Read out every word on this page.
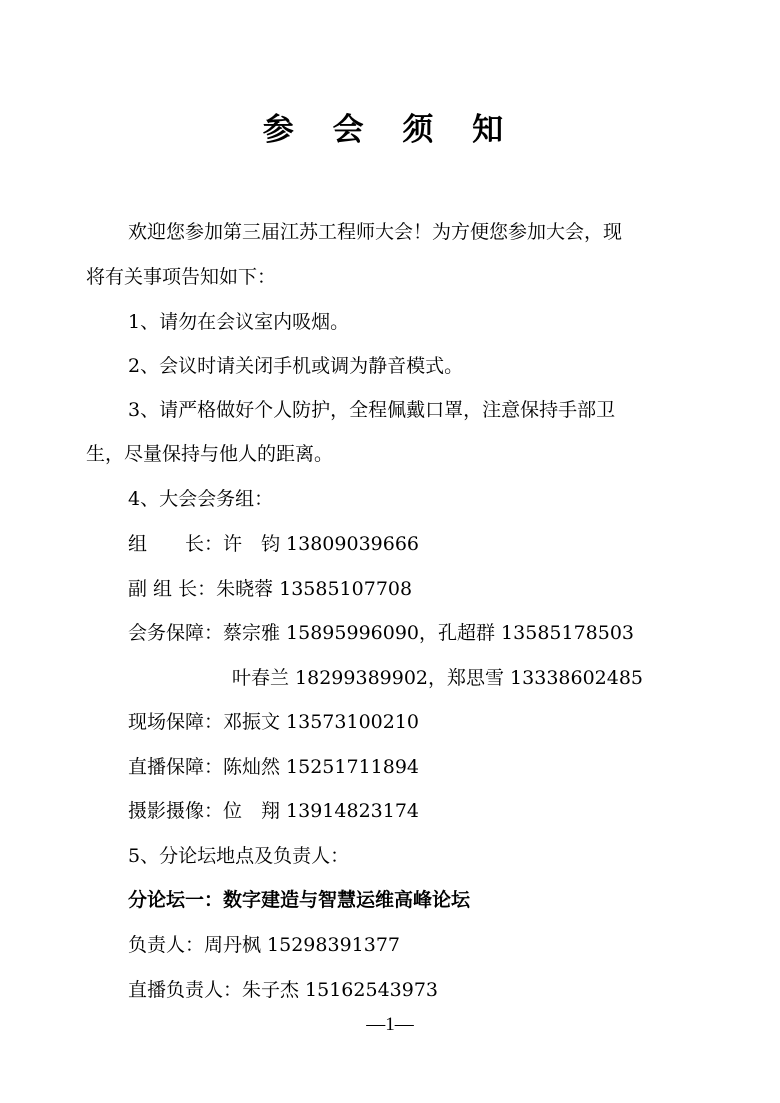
参 会 须 知
欢迎您参加第三届江苏工程师大会！为方便您参加大会，现
将有关事项告知如下：
1、请勿在会议室内吸烟。
2、会议时请关闭手机或调为静音模式。
3、请严格做好个人防护，全程佩戴口罩，注意保持手部卫
生，尽量保持与他人的距离。
4、大会会务组：
组　　长：许　钧 13809039666
副 组 长：朱晓蓉 13585107708
会务保障：蔡宗雅 15895996090，孔超群 13585178503
叶春兰 18299389902，郑思雪 13338602485
现场保障：邓振文 13573100210
直播保障：陈灿然 15251711894
摄影摄像：位　翔 13914823174
5、分论坛地点及负责人：
分论坛一：数字建造与智慧运维高峰论坛
负责人：周丹枫 15298391377
直播负责人：朱子杰 15162543973
—1—
